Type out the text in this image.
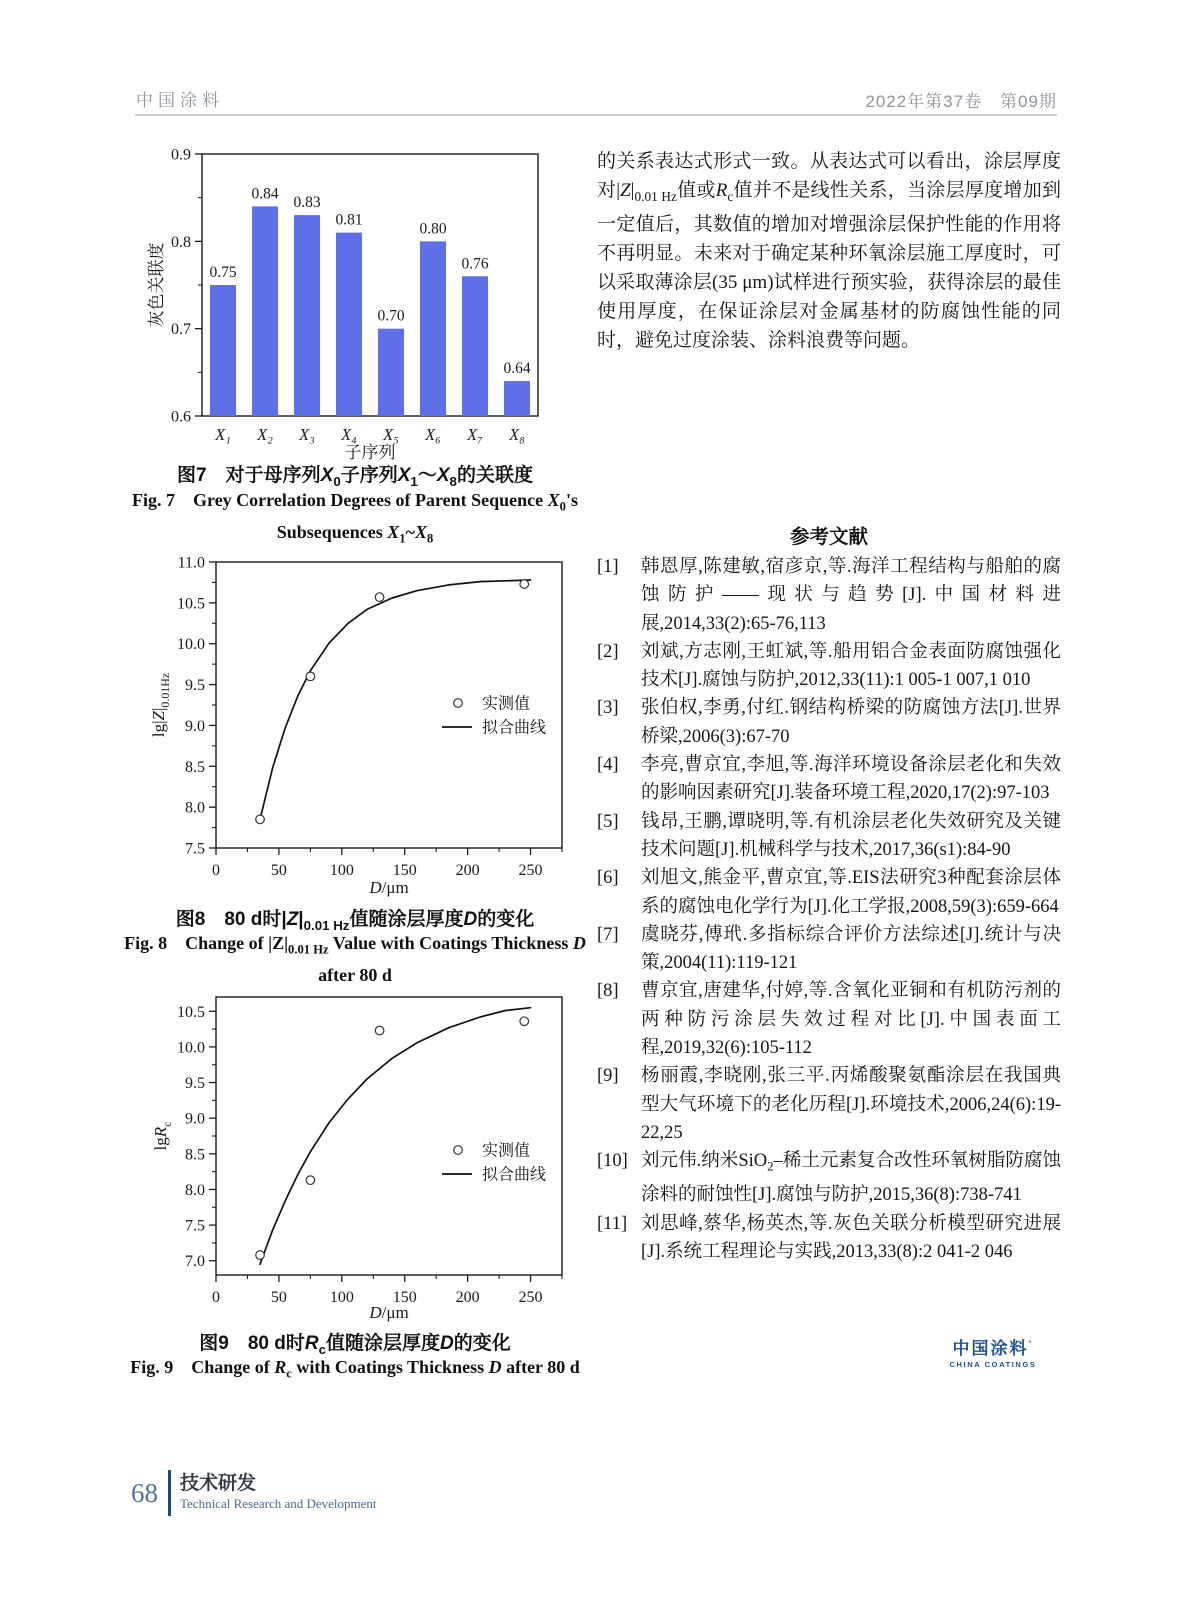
中国涂料	2022年第37卷　第09期
0.6
0.7
0.8
0.9
子序列
灰色关联度	0.75
X₁
0.84
X₂
0.83
X₃
0.81
X₄
0.70
X₅
0.80
X₆
0.76
X₇
0.64
X₈
图7　对于母序列$X_0$子序列$X_1\sim X_8$的关联度
Fig. 7　Grey Correlation Degrees of Parent Sequence $X_0's$ Subsequences $X_1\sim X_8$
7.5
8.0
8.5
9.0
9.5
10.0
10.5
11.0
0	50	100 150 200 250
D/μm
$\lg|Z|_{0.01Hz}$	实测值
拟合曲线
图8　80 d时$|Z|_{0.01 Hz}$值随涂层厚度D的变化
Fig. 8　Change of $|Z|_{0.01 Hz}$ Value with Coatings Thickness D after 80 d
7.0
7.5
8.0
8.5
9.0
9.5
10.0
10.5
0	50	100 150 200 250
D/μm
lgR$_c$
实测值
拟合曲线
图9　80 d时$R_c$值随涂层厚度D的变化
Fig. 9　Change of $R_c$ with Coatings Thickness D after 80 d
的关系表达式形式一致。从表达式可以看出，涂层厚度对$|Z|_{0.01 Hz}$值或$R_c$值并不是线性关系，当涂层厚度增加到一定值后，其数值的增加对增强涂层保护性能的作用将不再明显。未来对于确定某种环氧涂层施工厚度时，可以采取薄涂层(35 μm)试样进行预实验，获得涂层的最佳使用厚度，在保证涂层对金属基材的防腐蚀性能的同时，避免过度涂装、涂料浪费等问题。
参考文献
[1]	韩恩厚,陈建敏,宿彦京,等.海洋工程结构与船舶的腐蚀防护——现状与趋势[J].中国材料进展,2014,33(2):65-76,113
[2]	刘斌,方志刚,王虹斌,等.船用铝合金表面防腐蚀强化技术[J].腐蚀与防护,2012,33(11):1 005-1 007,1 010
[3]	张伯权,李勇,付红.钢结构桥梁的防腐蚀方法[J].世界桥梁,2006(3):67-70
[4]	李亮,曹京宜,李旭,等.海洋环境设备涂层老化和失效的影响因素研究[J].装备环境工程,2020,17(2):97-103
[5]	钱昂,王鹏,谭晓明,等.有机涂层老化失效研究及关键技术问题[J].机械科学与技术,2017,36(s1):84-90
[6]	刘旭文,熊金平,曹京宜,等.EIS法研究3种配套涂层体系的腐蚀电化学行为[J].化工学报,2008,59(3):659-664
[7]	虞晓芬,傅玳.多指标综合评价方法综述[J].统计与决策,2004(11):119-121
[8]	曹京宜,唐建华,付婷,等.含氧化亚铜和有机防污剂的两种防污涂层失效过程对比[J].中国表面工程,2019,32(6):105-112
[9]	杨丽霞,李晓刚,张三平.丙烯酸聚氨酯涂层在我国典型大气环境下的老化历程[J].环境技术,2006,24(6):19-22,25
[10] 刘元伟.纳米SiO$_2$–稀土元素复合改性环氧树脂防腐蚀涂料的耐蚀性[J].腐蚀与防护,2015,36(8):738-741
[11] 刘思峰,蔡华,杨英杰,等.灰色关联分析模型研究进展[J].系统工程理论与实践,2013,33(8):2 041-2 046
中国涂料˚
CHINA COATINGS
68 技术研发
Technical Research and Development
